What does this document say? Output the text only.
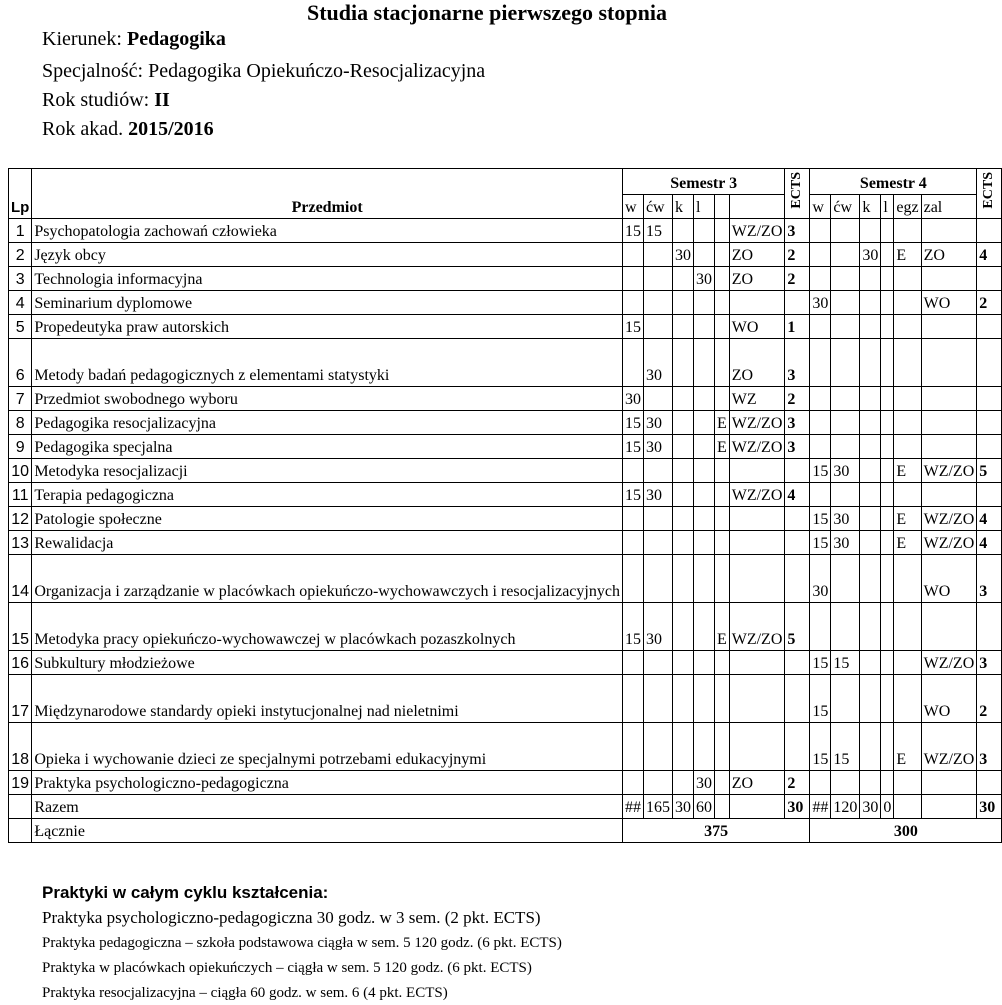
Studia stacjonarne pierwszego stopnia
Kierunek: Pedagogika
Specjalność: Pedagogika Opiekuńczo-Resocjalizacyjna
Rok studiów: II
Rok akad. 2015/2016
Lp	Przedmiot	Semestr 3						ECTS	Semestr 4						ECTS
		w	ćw	k	l				w	ćw	k	l	egz	zal	
1	Psychopatologia zachowań człowieka	15	15				WZ/ZO	3							
2	Język obcy			30			ZO	2			30		E	ZO	4
3	Technologia informacyjna				30		ZO	2							
4	Seminarium dyplomowe								30					WO	2
5	Propedeutyka praw autorskich	15					WO	1							
6	Metody badań pedagogicznych z elementami statystyki		30				ZO	3							
7	Przedmiot swobodnego wyboru	30					WZ	2							
8	Pedagogika resocjalizacyjna	15	30			E	WZ/ZO	3							
9	Pedagogika specjalna	15	30			E	WZ/ZO	3							
10	Metodyka resocjalizacji								15	30			E	WZ/ZO	5
11	Terapia pedagogiczna	15	30				WZ/ZO	4							
12	Patologie społeczne								15	30			E	WZ/ZO	4
13	Rewalidacja								15	30			E	WZ/ZO	4
14	Organizacja i zarządzanie w placówkach opiekuńczo-wychowawczych i resocjalizacyjnych								30					WO	3
15	Metodyka pracy opiekuńczo-wychowawczej w placówkach pozaszkolnych	15	30			E	WZ/ZO	5							
16	Subkultury młodzieżowe								15	15				WZ/ZO	3
17	Międzynarodowe standardy opieki instytucjonalnej nad nieletnimi								15					WO	2
18	Opieka i wychowanie dzieci ze specjalnymi potrzebami edukacyjnymi								15	15			E	WZ/ZO	3
19	Praktyka psychologiczno-pedagogiczna				30		ZO	2							
	Razem	##	165	30	60			30	##	120	30	0			30
	Łącznie	375							300						
Praktyki w całym cyklu kształcenia:
Praktyka psychologiczno-pedagogiczna 30 godz. w 3 sem. (2 pkt. ECTS)
Praktyka pedagogiczna – szkoła podstawowa ciągła w sem. 5 120 godz. (6 pkt. ECTS)
Praktyka w placówkach opiekuńczych – ciągła w sem. 5 120 godz. (6 pkt. ECTS)
Praktyka resocjalizacyjna – ciągła 60 godz. w sem. 6 (4 pkt. ECTS)
